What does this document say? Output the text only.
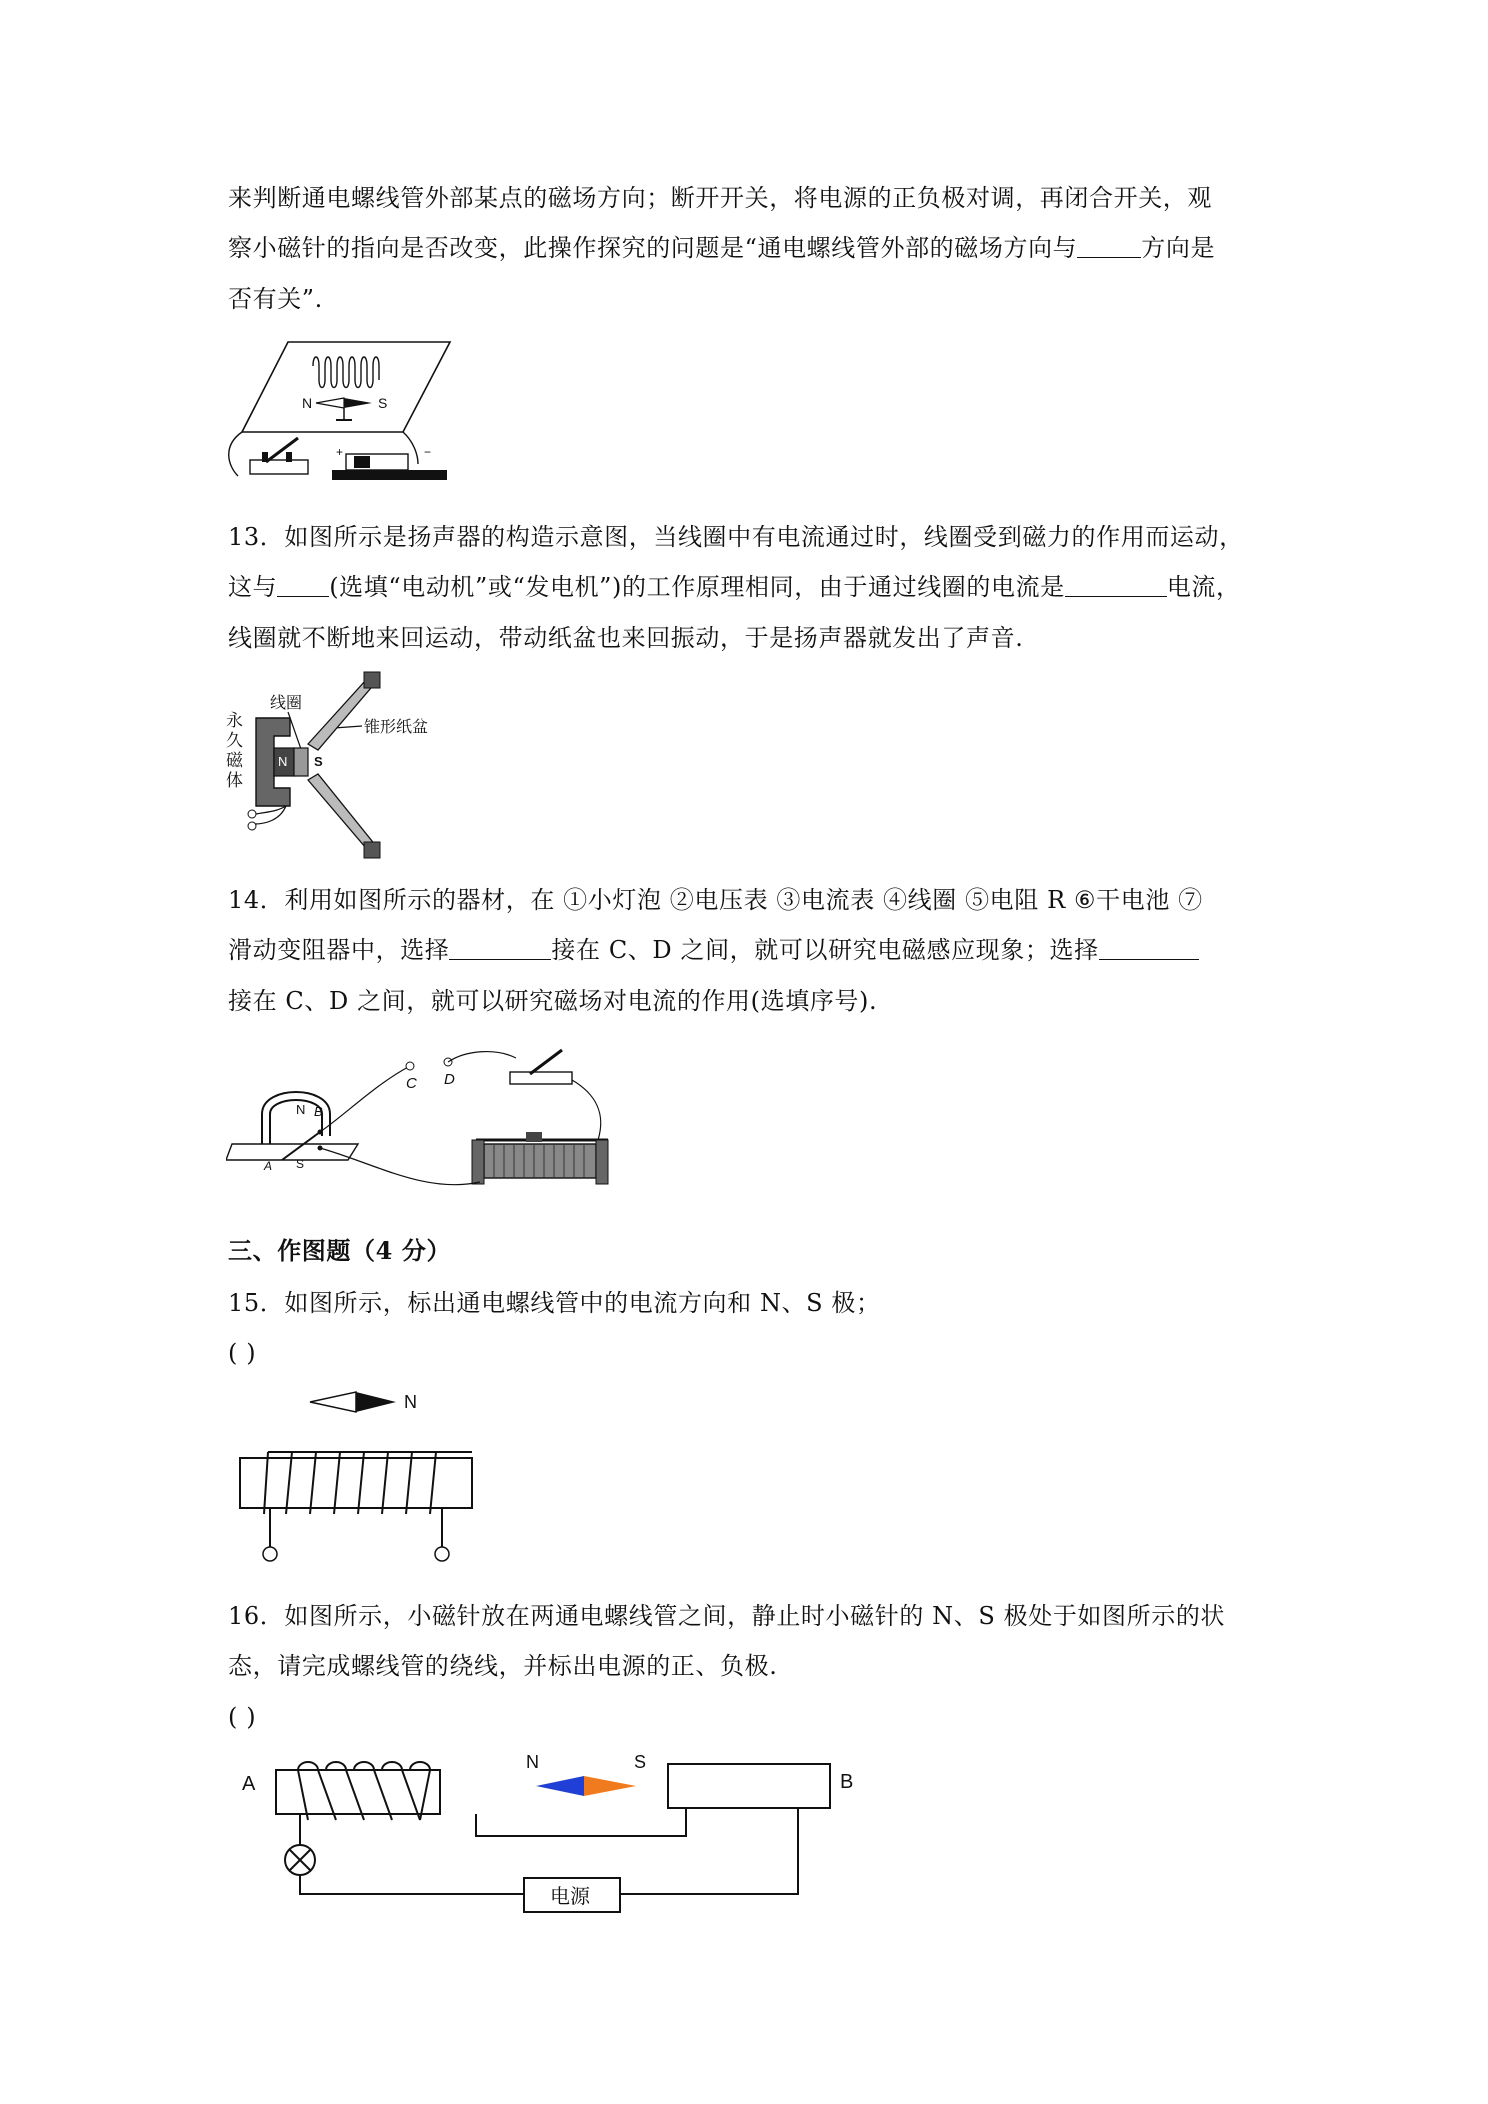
来判断通电螺线管外部某点的磁场方向；断开开关，将电源的正负极对调，再闭合开关，观
察小磁针的指向是否改变，此操作探究的问题是“通电螺线管外部的磁场方向与	方向是
否有关”.
N	S
+	−
13．如图所示是扬声器的构造示意图，当线圈中有电流通过时，线圈受到磁力的作用而运动，
这与 (选填“电动机”或“发电机”)的工作原理相同，由于通过线圈的电流是	电流，
线圈就不断地来回运动，带动纸盆也来回振动，于是扬声器就发出了声音.
永
久
磁
体
线圈
锥形纸盆
N S
14．利用如图所示的器材，在 ①小灯泡 ②电压表 ③电流表 ④线圈 ⑤电阻 R ⑥干电池 ⑦
滑动变阻器中，选择	接在 C、D 之间，就可以研究电磁感应现象；选择
接在 C、D 之间，就可以研究磁场对电流的作用(选填序号).
N B
A S
C D
三、作图题（4 分）
15．如图所示，标出通电螺线管中的电流方向和 N、S 极；
( )
N
16．如图所示，小磁针放在两通电螺线管之间，静止时小磁针的 N、S 极处于如图所示的状
态，请完成螺线管的绕线，并标出电源的正、负极.
( )
A
N	S
B
电源
